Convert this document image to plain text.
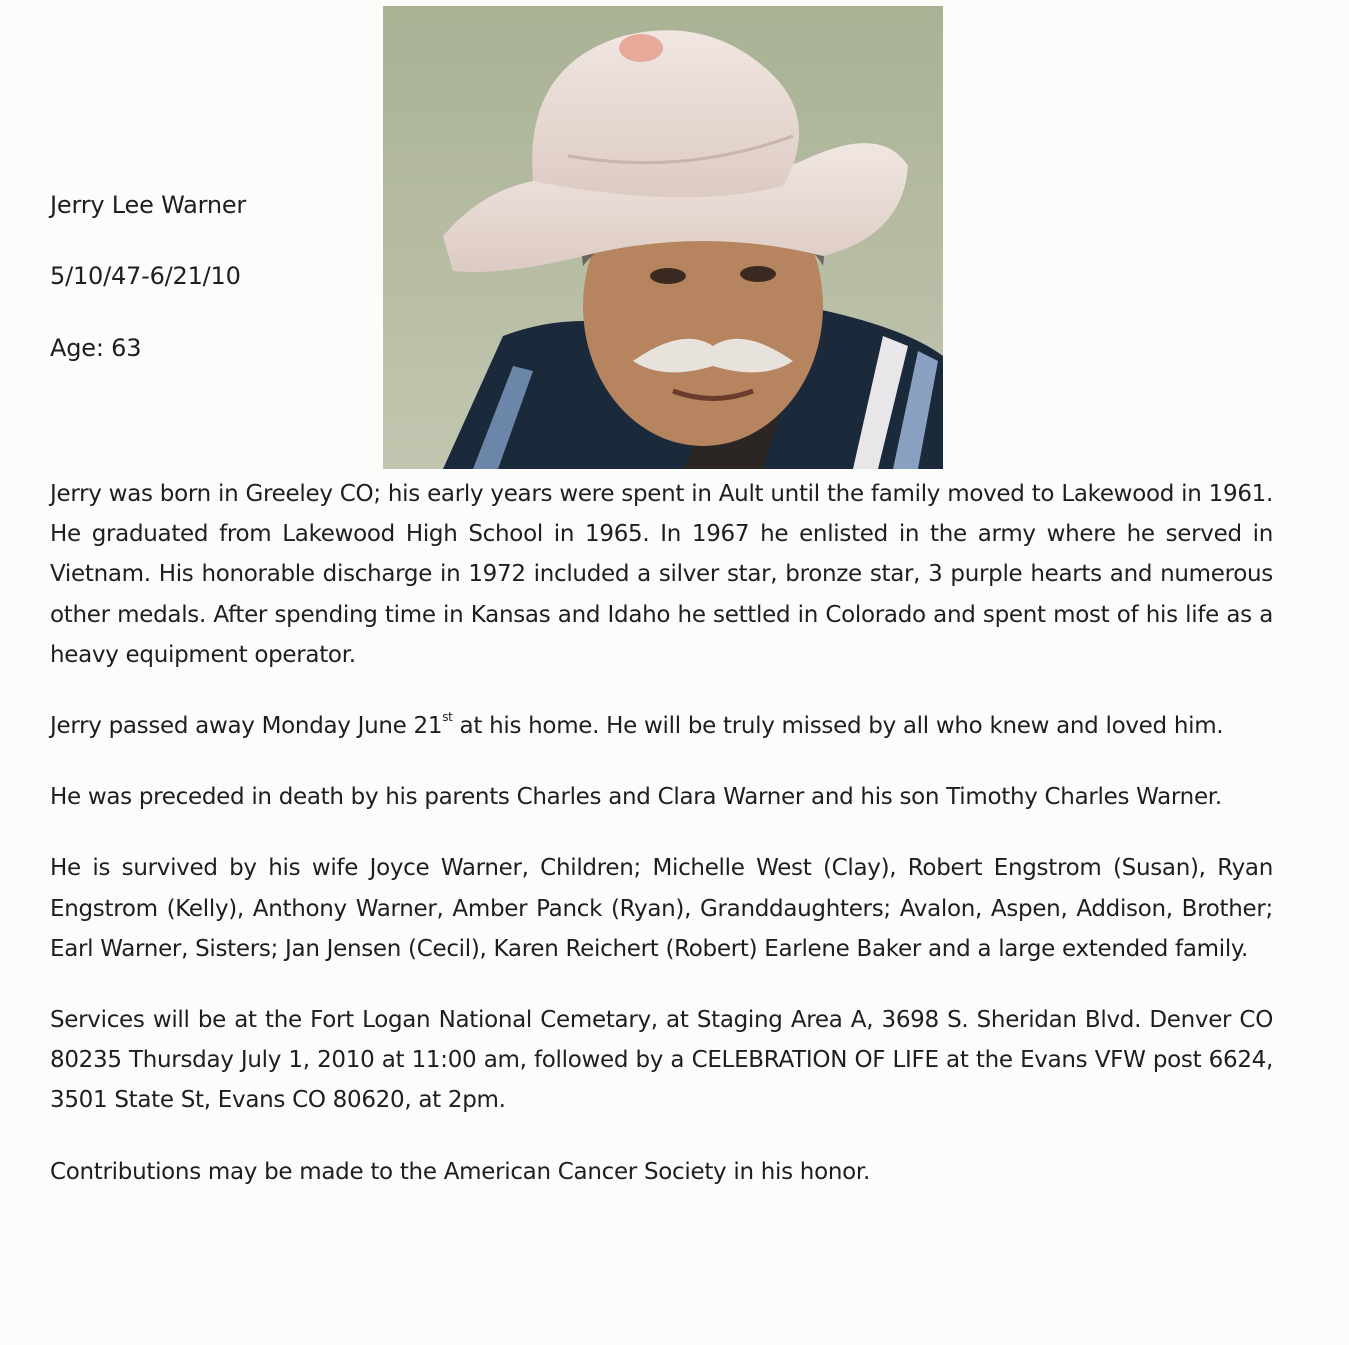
Jerry Lee Warner
5/10/47-6/21/10
Age: 63

Jerry was born in Greeley CO; his early years were spent in Ault until the family moved to Lakewood in 1961. He graduated from Lakewood High School in 1965. In 1967 he enlisted in the army where he served in Vietnam. His honorable discharge in 1972 included a silver star, bronze star, 3 purple hearts and numerous other medals. After spending time in Kansas and Idaho he settled in Colorado and spent most of his life as a heavy equipment operator.

Jerry passed away Monday June 21st at his home. He will be truly missed by all who knew and loved him.

He was preceded in death by his parents Charles and Clara Warner and his son Timothy Charles Warner.

He is survived by his wife Joyce Warner, Children; Michelle West (Clay), Robert Engstrom (Susan), Ryan Engstrom (Kelly), Anthony Warner, Amber Panck (Ryan), Granddaughters; Avalon, Aspen, Addison, Brother; Earl Warner, Sisters; Jan Jensen (Cecil), Karen Reichert (Robert) Earlene Baker and a large extended family.

Services will be at the Fort Logan National Cemetary, at Staging Area A, 3698 S. Sheridan Blvd. Denver CO 80235 Thursday July 1, 2010 at 11:00 am, followed by a CELEBRATION OF LIFE at the Evans VFW post 6624, 3501 State St, Evans CO 80620, at 2pm.

Contributions may be made to the American Cancer Society in his honor.
